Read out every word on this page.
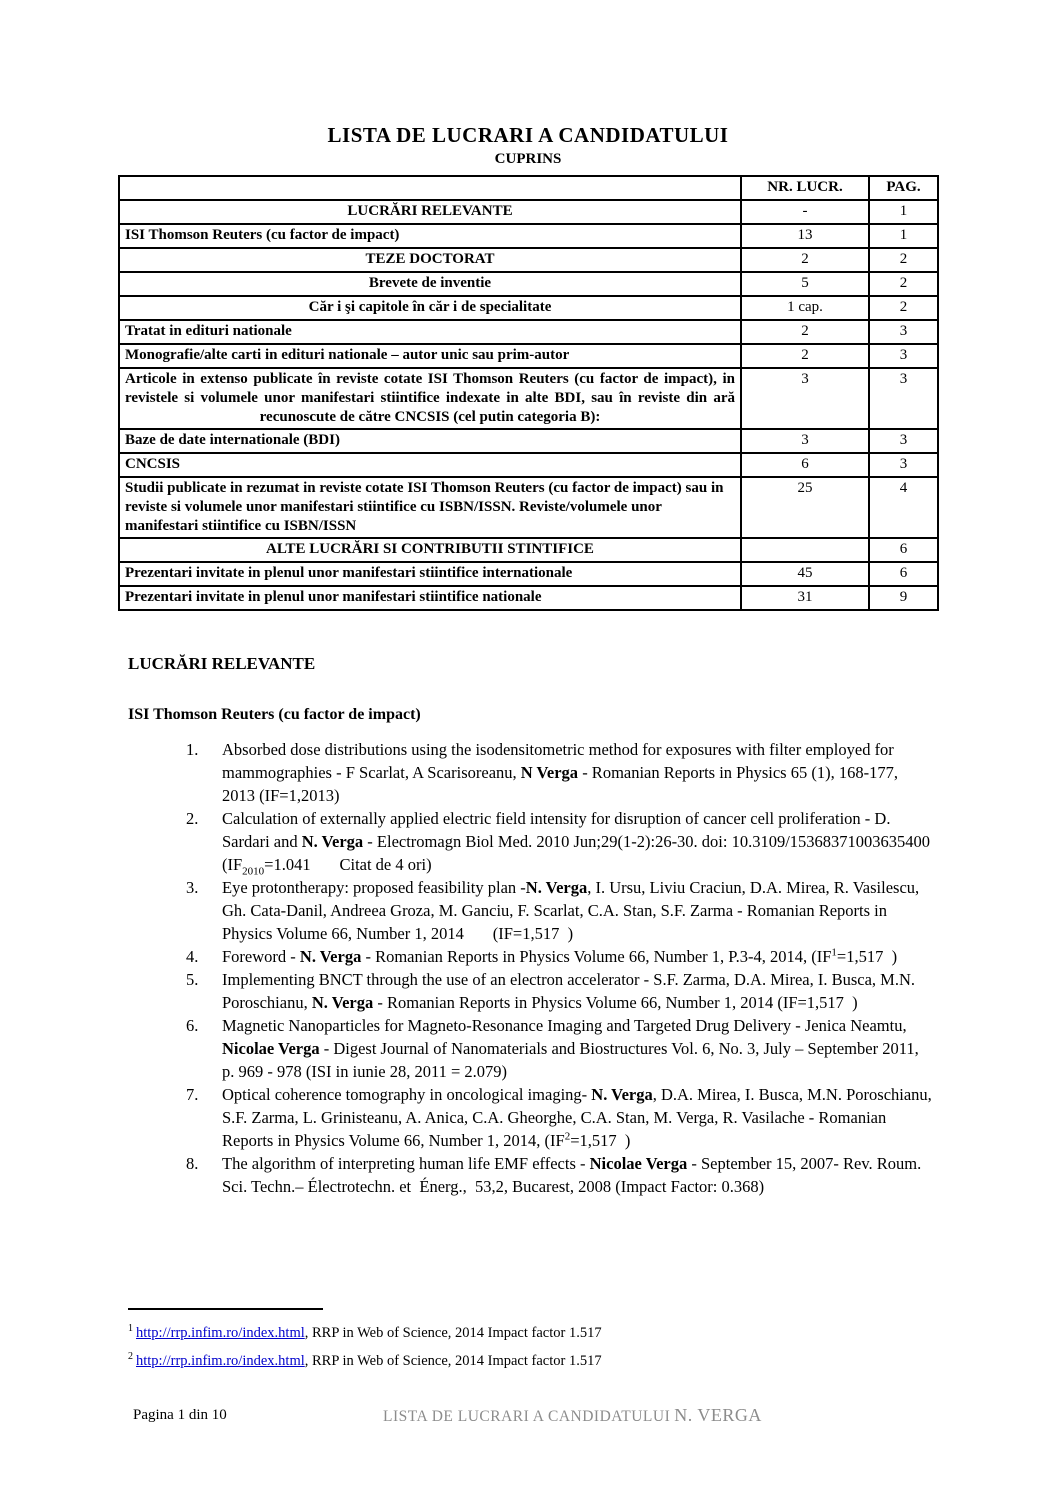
LISTA DE LUCRARI A CANDIDATULUI
CUPRINS
	NR. LUCR.	PAG.
LUCRĂRI RELEVANTE	-	1
ISI Thomson Reuters (cu factor de impact)	13	1
TEZE DOCTORAT	2	2
Brevete de inventie	5	2
Căr i şi capitole în căr i de specialitate	1 cap.	2
Tratat in edituri nationale	2	3
Monografie/alte carti in edituri nationale – autor unic sau prim-autor	2	3
Articole in extenso publicate în reviste cotate ISI Thomson Reuters (cu factor de impact), in revistele si volumele unor manifestari stiintifice indexate in alte BDI, sau în reviste din ară recunoscute de către CNCSIS (cel putin categoria B):	3	3
Baze de date internationale (BDI)	3	3
CNCSIS	6	3
Studii publicate in rezumat in reviste cotate ISI Thomson Reuters (cu factor de impact) sau in reviste si volumele unor manifestari stiintifice cu ISBN/ISSN. Reviste/volumele unor manifestari stiintifice cu ISBN/ISSN	25	4
ALTE LUCRĂRI SI CONTRIBUTII STINTIFICE		6
Prezentari invitate in plenul unor manifestari stiintifice internationale	45	6
Prezentari invitate in plenul unor manifestari stiintifice nationale	31	9
LUCRĂRI RELEVANTE
ISI Thomson Reuters (cu factor de impact)
1.	Absorbed dose distributions using the isodensitometric method for exposures with filter employed for mammographies - F Scarlat, A Scarisoreanu, N Verga - Romanian Reports in Physics 65 (1), 168-177, 2013 (IF=1,2013)
2.	Calculation of externally applied electric field intensity for disruption of cancer cell proliferation - D. Sardari and N. Verga - Electromagn Biol Med. 2010 Jun;29(1-2):26-30. doi: 10.3109/15368371003635400     ($IF_{2010}=1.041$       Citat de 4 ori)
3.	Eye protontherapy: proposed feasibility plan -N. Verga, I. Ursu, Liviu Craciun, D.A. Mirea, R. Vasilescu, Gh. Cata-Danil, Andreea Groza, M. Ganciu, F. Scarlat, C.A. Stan, S.F. Zarma - Romanian Reports in Physics Volume 66, Number 1, 2014       (IF=1,517  )
4.	Foreword - N. Verga - Romanian Reports in Physics Volume 66, Number 1, P.3-4, 2014, ($IF^1=1,517$  )
5.	Implementing BNCT through the use of an electron accelerator - S.F. Zarma, D.A. Mirea, I. Busca, M.N. Poroschianu, N. Verga - Romanian Reports in Physics Volume 66, Number 1, 2014 (IF=1,517  )
6.	Magnetic Nanoparticles for Magneto-Resonance Imaging and Targeted Drug Delivery - Jenica Neamtu, Nicolae Verga - Digest Journal of Nanomaterials and Biostructures Vol. 6, No. 3, July – September 2011, p. 969 - 978 (ISI in iunie 28, 2011 = 2.079)
7.	Optical coherence tomography in oncological imaging- N. Verga, D.A. Mirea, I. Busca, M.N. Poroschianu, S.F. Zarma, L. Grinisteanu, A. Anica, C.A. Gheorghe, C.A. Stan, M. Verga, R. Vasilache - Romanian Reports in Physics Volume 66, Number 1, 2014, ($IF^2=1,517$  )
8.	The algorithm of interpreting human life EMF effects - Nicolae Verga - September 15, 2007- Rev. Roum. Sci. Techn.– Électrotechn. et  Énerg.,  53,2, Bucarest, 2008 (Impact Factor: 0.368)
$^1$ http://rrp.infim.ro/index.html, RRP in Web of Science, 2014 Impact factor 1.517
$^2$ http://rrp.infim.ro/index.html, RRP in Web of Science, 2014 Impact factor 1.517
Pagina 1 din 10	LISTA DE LUCRARI A CANDIDATULUI N. VERGA
